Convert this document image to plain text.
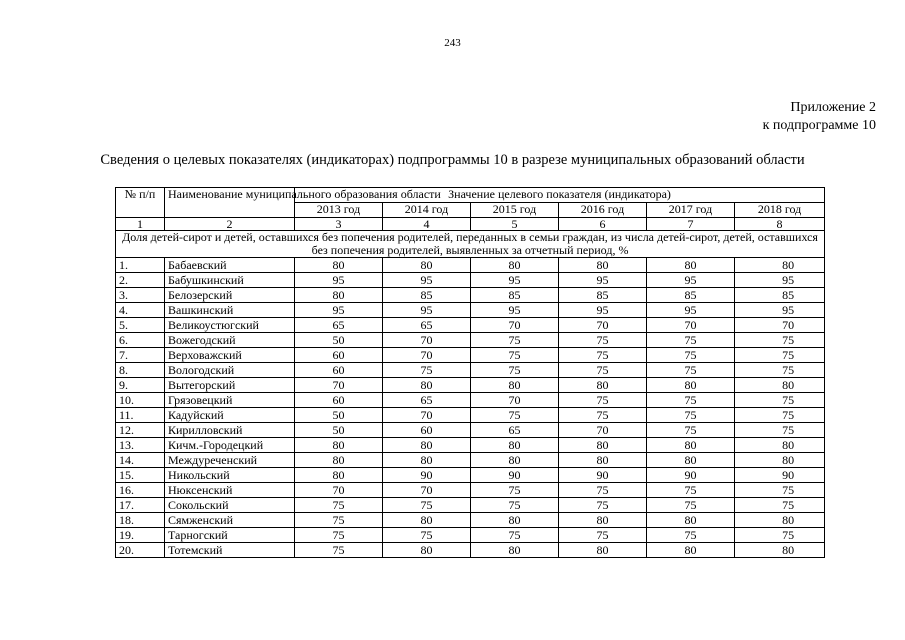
243
Приложение 2
к подпрограмме 10
Сведения о целевых показателях (индикаторах) подпрограммы 10 в разрезе муниципальных образований области
№ п/п	Наименование муниципального образования области	Значение целевого показателя (индикатора)					
		2013 год	2014 год	2015 год	2016 год	2017 год	2018 год
1	2	3	4	5	6	7	8
Доля детей-сирот и детей, оставшихся без попечения родителей, переданных в семьи граждан, из числа детей-сирот, детей, оставшихся без попечения родителей, выявленных за отчетный период, %							
1.	Бабаевский	80	80	80	80	80	80
2.	Бабушкинский	95	95	95	95	95	95
3.	Белозерский	80	85	85	85	85	85
4.	Вашкинский	95	95	95	95	95	95
5.	Великоустюгский	65	65	70	70	70	70
6.	Вожегодский	50	70	75	75	75	75
7.	Верховажский	60	70	75	75	75	75
8.	Вологодский	60	75	75	75	75	75
9.	Вытегорский	70	80	80	80	80	80
10.	Грязовецкий	60	65	70	75	75	75
11.	Кадуйский	50	70	75	75	75	75
12.	Кирилловский	50	60	65	70	75	75
13.	Кичм.-Городецкий	80	80	80	80	80	80
14.	Междуреченский	80	80	80	80	80	80
15.	Никольский	80	90	90	90	90	90
16.	Нюксенский	70	70	75	75	75	75
17.	Сокольский	75	75	75	75	75	75
18.	Сямженский	75	80	80	80	80	80
19.	Тарногский	75	75	75	75	75	75
20.	Тотемский	75	80	80	80	80	80
